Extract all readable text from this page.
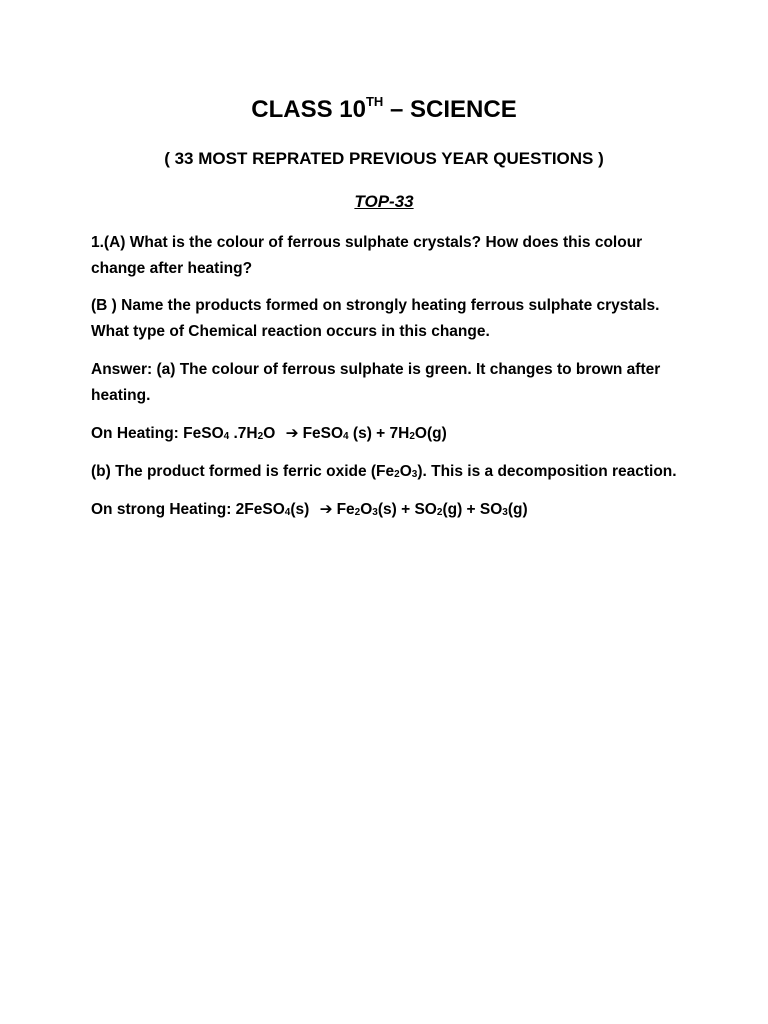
CLASS 10TH – SCIENCE
( 33 MOST REPRATED PREVIOUS YEAR QUESTIONS )
TOP-33
1.(A) What is the colour of ferrous sulphate crystals? How does this colour
change after heating?
(B ) Name the products formed on strongly heating ferrous sulphate crystals.
What type of Chemical reaction occurs in this change.
Answer: (a) The colour of ferrous sulphate is green. It changes to brown after
heating.
On Heating: FeSO$_4$ $.7H_2O$ ➔ FeSO$_4$ $(s) + 7H_2O(g)$
(b) The product formed is ferric oxide $(Fe_2O_3)$. This is a decomposition reaction.
On strong Heating: 2FeSO$_4$(s) ➔ $Fe_2O_3(s) + SO_2(g) + SO_3(g)$
